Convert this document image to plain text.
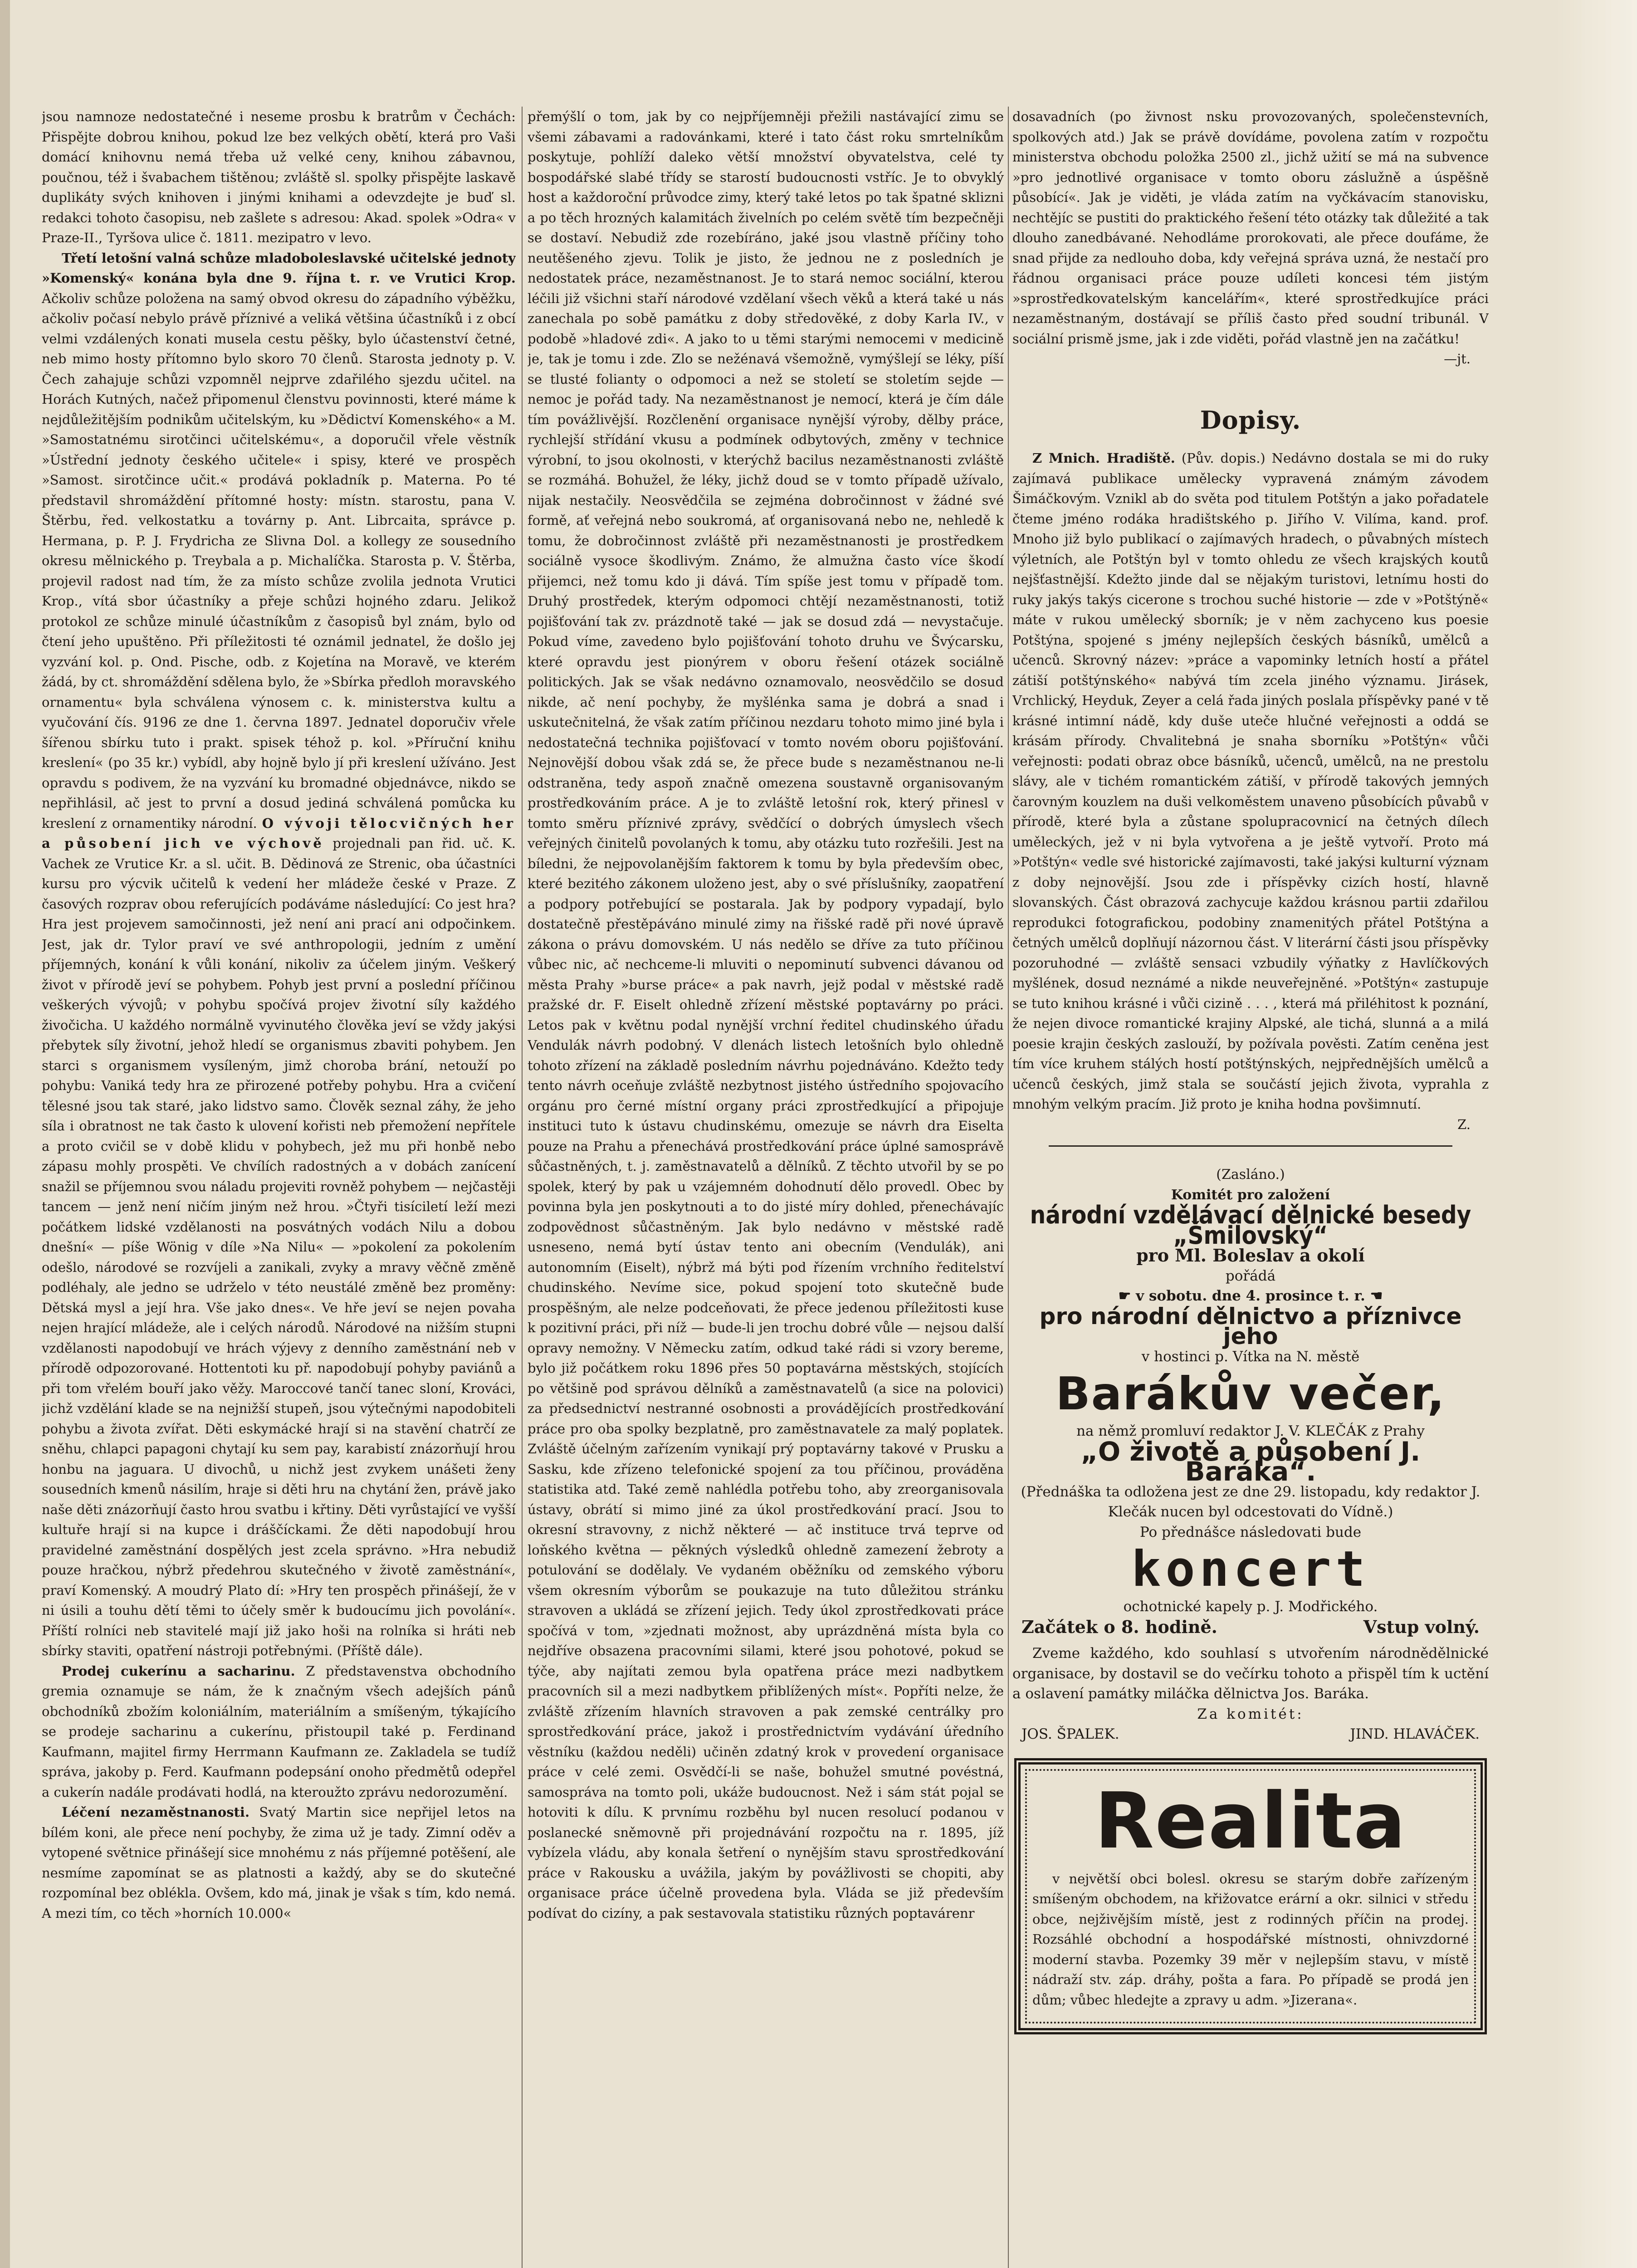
jsou namnoze nedostatečné i neseme prosbu k bratrům v Čechách: Přispějte dobrou knihou, pokud lze bez velkých obětí, která pro Vaši domácí knihovnu nemá třeba už velké ceny, knihou zábavnou, poučnou, též i švabachem tištěnou; zvláště sl. spolky přispějte laskavě duplikáty svých knihoven i jinými knihami a odevzdejte je buď sl. redakci tohoto časopisu, neb zašlete s adresou: Akad. spolek »Odra« v Praze-II., Tyršova ulice č. 1811. mezipatro v levo.

Třetí letošní valná schůze mladoboleslavské učitelské jednoty »Komenský« konána byla dne 9. října t. r. ve Vrutici Krop. Ačkoliv schůze položena na samý obvod okresu do západního výběžku, ačkoliv počasí nebylo právě příznivé a veliká většina účastníků i z obcí velmi vzdálených konati musela cestu pěšky, bylo účastenství četné, neb mimo hosty přítomno bylo skoro 70 členů. Starosta jednoty p. V. Čech zahajuje schůzi vzpomněl nejprve zdařilého sjezdu učitel. na Horách Kutných, načež připomenul členstvu povinnosti, které máme k nejdůležitějším podnikům učitelským, ku »Dědictví Komenského« a M. »Samostatnému sirotčinci učitelskému«, a doporučil vřele věstník »Ústřední jednoty českého učitele« i spisy, které ve prospěch »Samost. sirotčince učit.« prodává pokladník p. Materna. Po té představil shromáždění přítomné hosty: místn. starostu, pana V. Štěrbu, řed. velkostatku a továrny p. Ant. Librcaita, správce p. Hermana, p. P. J. Frydricha ze Slivna Dol. a kollegy ze sousedního okresu mělnického p. Treybala a p. Michalíčka. Starosta p. V. Štěrba, projevil radost nad tím, že za místo schůze zvolila jednota Vrutici Krop., vítá sbor účastníky a přeje schůzi hojného zdaru. Jelikož protokol ze schůze minulé účastníkům z časopisů byl znám, bylo od čtení jeho upuštěno. Při příležitosti té oznámil jednatel, že došlo jej vyzvání kol. p. Ond. Pische, odb. z Kojetína na Moravě, ve kterém žádá, by ct. shromáždění sdělena bylo, že »Sbírka předloh moravského ornamentu« byla schválena výnosem c. k. ministerstva kultu a vyučování čís. 9196 ze dne 1. června 1897. Jednatel doporučiv vřele šířenou sbírku tuto i prakt. spisek téhož p. kol. »Příruční knihu kreslení« (po 35 kr.) vybídl, aby hojně bylo jí při kreslení užíváno. Jest opravdu s podivem, že na vyzvání ku bromadné objednávce, nikdo se nepřihlásil, ač jest to první a dosud jediná schválená pomůcka ku kreslení z ornamentiky národní. O vývoji tělocvičných her a působení jich ve výchově projednali pan řid. uč. K. Vachek ze Vrutice Kr. a sl. učit. B. Dědinová ze Strenic, oba účastníci kursu pro výcvik učitelů k vedení her mládeže české v Praze. Z časových rozprav obou referujících podáváme následující: Co jest hra? Hra jest projevem samočinnosti, jež není ani prací ani odpočinkem. Jest, jak dr. Tylor praví ve své anthropologii, jedním z umění příjemných, konání k vůli konání, nikoliv za účelem jiným. Veškerý život v přírodě jeví se pohybem. Pohyb jest první a poslední příčinou veškerých vývojů; v pohybu spočívá projev životní síly každého živočicha. U každého normálně vyvinutého člověka jeví se vždy jakýsi přebytek síly životní, jehož hledí se organismus zbaviti pohybem. Jen starci s organismem vysíleným, jimž choroba brání, netouží po pohybu: Vaniká tedy hra ze přirozené potřeby pohybu. Hra a cvičení tělesné jsou tak staré, jako lidstvo samo. Člověk seznal záhy, že jeho síla i obratnost ne tak často k ulovení kořisti neb přemožení nepřítele a proto cvičil se v době klidu v pohybech, jež mu při honbě nebo zápasu mohly prospěti. Ve chvílích radostných a v dobách zanícení snažil se příjemnou svou náladu projeviti rovněž pohybem — nejčastěji tancem — jenž není ničím jiným než hrou. »Čtyři tisíciletí leží mezi počátkem lidské vzdělanosti na posvátných vodách Nilu a dobou dnešní« — píše Wönig v díle »Na Nilu« — »pokolení za pokolením odešlo, národové se rozvíjeli a zanikali, zvyky a mravy věčně změně podléhaly, ale jedno se udrželo v této neustálé změně bez proměny: Dětská mysl a její hra. Vše jako dnes«. Ve hře jeví se nejen povaha nejen hrající mládeže, ale i celých národů. Národové na nižším stupni vzdělanosti napodobují ve hrách výjevy z denního zaměstnání neb v přírodě odpozorované. Hottentoti ku př. napodobují pohyby paviánů a při tom vřelém bouří jako věžy. Maroccové tančí tanec sloní, Krováci, jichž vzdělání klade se na nejnižší stupeň, jsou výtečnými napodobiteli pohybu a života zvířat. Děti eskymácké hrají si na stavění chatrčí ze sněhu, chlapci papagoni chytají ku sem pay, karabistí znázorňují hrou honbu na jaguara. U divochů, u nichž jest zvykem unášeti ženy sousedních kmenů násilím, hraje si děti hru na chytání žen, právě jako naše děti znázorňují často hrou svatbu i křtiny. Děti vyrůstající ve vyšší kultuře hrají si na kupce i dráščíckami. Že děti napodobují hrou pravidelné zaměstnání dospělých jest zcela správno. »Hra nebudiž pouze hračkou, nýbrž předehrou skutečného v životě zaměstnání«, praví Komenský. A moudrý Plato dí: »Hry ten prospěch přinášejí, že v ni úsili a touhu dětí těmi to účely směr k budoucímu jich povolání«. Příští rolníci neb stavitelé mají již jako hoši na rolníka si hráti neb sbírky staviti, opatření nástroji potřebnými. (Příště dále).

Prodej cukerínu a sacharinu. Z představenstva obchodního gremia oznamuje se nám, že k značným všech adejších pánů obchodníků zbožím koloniálním, materiálním a smíšeným, týkajícího se prodeje sacharinu a cukerínu, přistoupil také p. Ferdinand Kaufmann, majitel firmy Herrmann Kaufmann ze. Zakladela se tudíž správa, jakoby p. Ferd. Kaufmann podepsání onoho předmětů odepřel a cukerín nadále prodávati hodlá, na kteroužto zprávu nedorozumění.

Léčení nezaměstnanosti. Svatý Martin sice nepřijel letos na bílém koni, ale přece není pochyby, že zima už je tady. Zimní oděv a vytopené světnice přinášejí sice mnohému z nás příjemné potěšení, ale nesmíme zapomínat se as platnosti a každý, aby se do skutečné rozpomínal bez oblékla. Ovšem, kdo má, jinak je však s tím, kdo nemá. A mezi tím, co těch »horních 10.000«

přemýšlí o tom, jak by co nejpříjemněji přežili nastávající zimu se všemi zábavami a radovánkami, které i tato část roku smrtelníkům poskytuje, pohlíží daleko větší množství obyvatelstva, celé ty bospodářské slabé třídy se starostí budoucnosti vstříc. Je to obvyklý host a každoroční průvodce zimy, který také letos po tak špatné sklizni a po těch hrozných kalamitách živelních po celém světě tím bezpečněji se dostaví. Nebudiž zde rozebíráno, jaké jsou vlastně příčiny toho neutěšeného zjevu. Tolik je jisto, že jednou ne z posledních je nedostatek práce, nezaměstnanost. Je to stará nemoc sociální, kterou léčili již všichni staří národové vzdělaní všech věků a která také u nás zanechala po sobě památku z doby středověké, z doby Karla IV., v podobě »hladové zdi«. A jako to u těmi starými nemocemi v medicině je, tak je tomu i zde. Zlo se nežénavá všemožně, vymýšlejí se léky, píší se tlusté folianty o odpomoci a než se století se stoletím sejde — nemoc je pořád tady. Na nezaměstnanost je nemocí, která je čím dále tím povážlivější. Rozčlenění organisace nynější výroby, dělby práce, rychlejší střídání vkusu a podmínek odbytových, změny v technice výrobní, to jsou okolnosti, v kterýchž bacilus nezaměstnanosti zvláště se rozmáhá. Bohužel, že léky, jichž doud se v tomto případě užívalo, nijak nestačily. Neosvědčila se zejména dobročinnost v žádné své formě, ať veřejná nebo soukromá, ať organisovaná nebo ne, nehledě k tomu, že dobročinnost zvláště při nezaměstnanosti je prostředkem sociálně vysoce škodlivým. Známo, že almužna často více škodí přijemci, než tomu kdo ji dává. Tím spíše jest tomu v případě tom. Druhý prostředek, kterým odpomoci chtějí nezaměstnanosti, totiž pojišťování tak zv. prázdnotě také — jak se dosud zdá — nevystačuje. Pokud víme, zavedeno bylo pojišťování tohoto druhu ve Švýcarsku, které opravdu jest pionýrem v oboru řešení otázek sociálně politických. Jak se však nedávno oznamovalo, neosvědčilo se dosud nikde, ač není pochyby, že myšlénka sama je dobrá a snad i uskutečnitelná, že však zatím příčinou nezdaru tohoto mimo jiné byla i nedostatečná technika pojišťovací v tomto novém oboru pojišťování. Nejnovější dobou však zdá se, že přece bude s nezaměstnanou ne-li odstraněna, tedy aspoň značně omezena soustavně organisovaným prostředkováním práce. A je to zvláště letošní rok, který přinesl v tomto směru příznivé zprávy, svědčící o dobrých úmyslech všech veřejných činitelů povolaných k tomu, aby otázku tuto rozřešili. Jest na bíledni, že nejpovolanějším faktorem k tomu by byla především obec, které bezitého zákonem uloženo jest, aby o své příslušníky, zaopatření a podpory potřebující se postarala. Jak by podpory vypadají, bylo dostatečně přestěpáváno minulé zimy na řišské radě při nové úpravě zákona o právu domovském. U nás nedělo se dříve za tuto příčinou vůbec nic, ač nechceme-li mluviti o nepominutí subvenci dávanou od města Prahy »burse práce« a pak navrh, jejž podal v městské radě pražské dr. F. Eiselt ohledně zřízení městské poptavárny po práci. Letos pak v květnu podal nynější vrchní ředitel chudinského úřadu Vendulák návrh podobný. V dlenách listech letošních bylo ohledně tohoto zřízení na základě posledním návrhu pojednáváno. Kdežto tedy tento návrh oceňuje zvláště nezbytnost jistého ústředního spojovacího orgánu pro černé místní organy práci zprostředkující a připojuje instituci tuto k ústavu chudinskému, omezuje se návrh dra Eiselta pouze na Prahu a přenechává prostředkování práce úplné samosprávě sůčastněných, t. j. zaměstnavatelů a dělníků. Z těchto utvořil by se po spolek, který by pak u vzájemném dohodnutí dělo provedl. Obec by povinna byla jen poskytnouti a to do jisté míry dohled, přenechávajíc zodpovědnost sůčastněným. Jak bylo nedávno v městské radě usneseno, nemá bytí ústav tento ani obecním (Vendulák), ani autonomním (Eiselt), nýbrž má býti pod řízením vrchního ředitelství chudinského. Nevíme sice, pokud spojení toto skutečně bude prospěšným, ale nelze podceňovati, že přece jedenou příležitosti kuse k pozitivní práci, při níž — bude-li jen trochu dobré vůle — nejsou další opravy nemožny. V Německu zatím, odkud také rádi si vzory bereme, bylo již počátkem roku 1896 přes 50 poptavárna městských, stojících po většině pod správou dělníků a zaměstnavatelů (a sice na polovici) za předsednictví nestranné osobnosti a provádějících prostředkování práce pro oba spolky bezplatně, pro zaměstnavatele za malý poplatek. Zvláště účelným zařízením vynikají prý poptavárny takové v Prusku a Sasku, kde zřízeno telefonické spojení za tou příčinou, prováděna statistika atd. Také země nahlédla potřebu toho, aby zreorganisovala ústavy, obrátí si mimo jiné za úkol prostředkování prací. Jsou to okresní stravovny, z nichž některé — ač instituce trvá teprve od loňského května — pěkných výsledků ohledně zamezení žebroty a potulování se dodělaly. Ve vydaném oběžníku od zemského výboru všem okresním výborům se poukazuje na tuto důležitou stránku stravoven a ukládá se zřízení jejich. Tedy úkol zprostředkovati práce spočívá v tom, »zjednati možnost, aby uprázdněná místa byla co nejdříve obsazena pracovními silami, které jsou pohotové, pokud se týče, aby najítati zemou byla opatřena práce mezi nadbytkem pracovních sil a mezi nadbytkem přiblížených míst«. Popříti nelze, že zvláště zřízením hlavních stravoven a pak zemské centrálky pro sprostředkování práce, jakož i prostřednictvím vydávání úředního věstníku (každou neděli) učiněn zdatný krok v provedení organisace práce v celé zemi. Osvědčí-li se naše, bohužel smutné povéstná, samospráva na tomto poli, ukáže budoucnost. Než i sám stát pojal se hotoviti k dílu. K prvnímu rozběhu byl nucen resolucí podanou v poslanecké sněmovně při projednávání rozpočtu na r. 1895, jíž vybízela vládu, aby konala šetření o nynějším stavu sprostředkování práce v Rakousku a uvážila, jakým by povážlivosti se chopiti, aby organisace práce účelně provedena byla. Vláda se již především podívat do cizíny, a pak sestavovala statistiku různých poptavárenr

dosavadních (po živnost nsku provozovaných, společenstevních, spolkových atd.) Jak se právě dovídáme, povolena zatím v rozpočtu ministerstva obchodu položka 2500 zl., jichž užití se má na subvence »pro jednotlivé organisace v tomto oboru záslužně a úspěšně působící«. Jak je viděti, je vláda zatím na vyčkávacím stanovisku, nechtějíc se pustiti do praktického řešení této otázky tak důležité a tak dlouho zanedbávané. Nehodláme prorokovati, ale přece doufáme, že snad přijde za nedlouho doba, kdy veřejná správa uzná, že nestačí pro řádnou organisaci práce pouze udíleti koncesi tém jistým »sprostředkovatelským kancelářím«, které sprostředkujíce práci nezaměstnaným, dostávají se příliš často před soudní tribunál. V sociální prismě jsme, jak i zde viděti, pořád vlastně jen na začátku!

—jt.
Dopisy.

Z Mnich. Hradiště. (Pův. dopis.) Nedávno dostala se mi do ruky zajímavá publikace umělecky vypravená známým závodem Šimáčkovým. Vznikl ab do světa pod titulem Potštýn a jako pořadatele čteme jméno rodáka hradištského p. Jiřího V. Vilíma, kand. prof. Mnoho již bylo publikací o zajímavých hradech, o půvabných místech výletních, ale Potštýn byl v tomto ohledu ze všech krajských koutů nejšťastnější. Kdežto jinde dal se nějakým turistovi, letnímu hosti do ruky jakýs takýs cicerone s trochou suché historie — zde v »Potštýně« máte v rukou umělecký sborník; je v něm zachyceno kus poesie Potštýna, spojené s jmény nejlepších českých básníků, umělců a učenců. Skrovný název: »práce a vapominky letních hostí a přátel zátiší potštýnského« nabývá tím zcela jiného významu. Jirásek, Vrchlický, Heyduk, Zeyer a celá řada jiných poslala příspěvky pané v tě krásné intimní nádě, kdy duše uteče hlučné veřejnosti a oddá se krásám přírody. Chvalitebná je snaha sborníku »Potštýn« vůči veřejnosti: podati obraz obce básníků, učenců, umělců, na ne prestolu slávy, ale v tichém romantickém zátiší, v přírodě takových jemných čarovným kouzlem na duši velkoměstem unaveno působících půvabů v přírodě, které byla a zůstane spolupracovnicí na četných dílech uměleckých, jež v ni byla vytvořena a je ještě vytvoří. Proto má »Potštýn« vedle své historické zajímavosti, také jakýsi kulturní význam z doby nejnovější. Jsou zde i příspěvky cizích hostí, hlavně slovanských. Část obrazová zachycuje každou krásnou partii zdařilou reprodukci fotografickou, podobiny znamenitých přátel Potštýna a četných umělců doplňují názornou část. V literární části jsou příspěvky pozoruhodné — zvláště sensaci vzbudily výňatky z Havlíčkových myšlének, dosud neznámé a nikde neuveřejněné. »Potštýn« zastupuje se tuto knihou krásné i vůči cizině . . . , která má přiléhitost k poznání, že nejen divoce romantické krajiny Alpské, ale tichá, slunná a a milá poesie krajin českých zaslouží, by požívala pověsti. Zatím ceněna jest tím více kruhem stálých hostí potštýnských, nejpřednějších umělců a učenců českých, jimž stala se součástí jejich života, vyprahla z mnohým velkým pracím. Již proto je kniha hodna povšimnutí.

Z.
(Zasláno.)
Komitét pro založení
národní vzdělávací dělnické besedy „Šmilovský“
pro Ml. Boleslav a okolí
pořádá
☛ v sobotu. dne 4. prosince t. r. ☚
pro národní dělnictvo a příznivce jeho
v hostinci p. Vítka na N. městě
Barákův večer,
na němž promluví redaktor J. V. KLEČÁK z Prahy
„O životě a působení J. Baráka“.
(Přednáška ta odložena jest ze dne 29. listopadu, kdy redaktor J. Klečák nucen byl odcestovati do Vídně.)
Po přednášce následovati bude
koncert
ochotnické kapely p. J. Modřického.
Začátek o 8. hodině.	Vstup volný.

Zveme každého, kdo souhlasí s utvořením národnědělnické organisace, by dostavil se do večírku tohoto a přispěl tím k uctění a oslavení památky miláčka dělnictva Jos. Baráka.

Za komitét:
JOS. ŠPALEK.	JIND. HLAVÁČEK.
Realita

v největší obci bolesl. okresu se starým dobře zařízeným smíšeným obchodem, na křižovatce erární a okr. silnici v středu obce, nejživějším místě, jest z rodinných příčin na prodej. Rozsáhlé obchodní a hospodářské místnosti, ohnivzdorné moderní stavba. Pozemky 39 měr v nejlepším stavu, v místě nádraží stv. záp. dráhy, pošta a fara. Po případě se prodá jen dům; vůbec hledejte a zpravy u adm. »Jizerana«.
